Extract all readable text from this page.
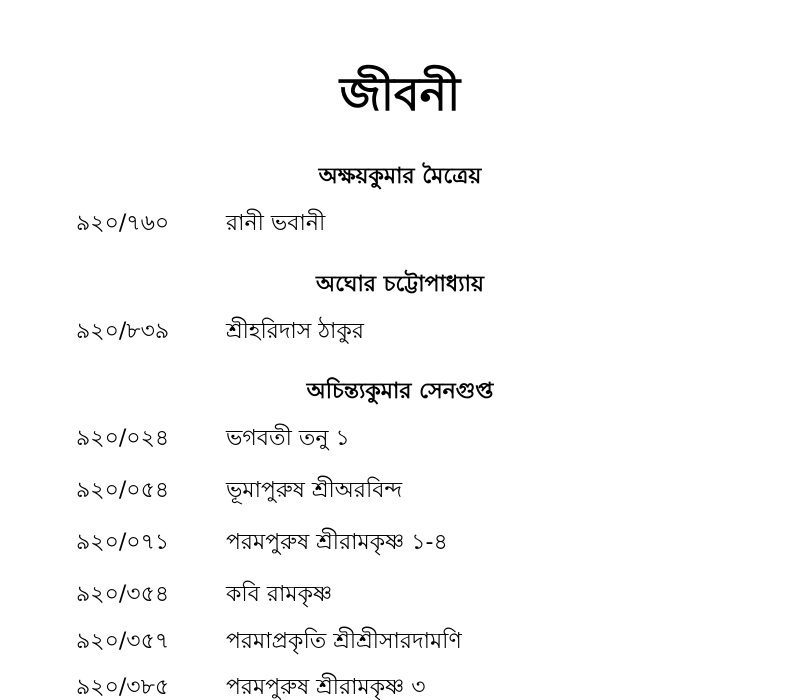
জীবনী
অক্ষয়কুমার মৈত্রেয়
৯২০/৭৬০	রানী ভবানী
অঘোর চট্টোপাধ্যায়
৯২০/৮৩৯	শ্রীহরিদাস ঠাকুর
অচিন্ত্যকুমার সেনগুপ্ত
৯২০/০২৪	ভগবতী তনু ১
৯২০/০৫৪	ভূমাপুরুষ শ্রীঅরবিন্দ
৯২০/০৭১	পরমপুরুষ শ্রীরামকৃষ্ণ ১-৪
৯২০/৩৫৪	কবি রামকৃষ্ণ
৯২০/৩৫৭	পরমাপ্রকৃতি শ্রীশ্রীসারদামণি
৯২০/৩৮৫	পরমপুরুষ শ্রীরামকৃষ্ণ ৩
